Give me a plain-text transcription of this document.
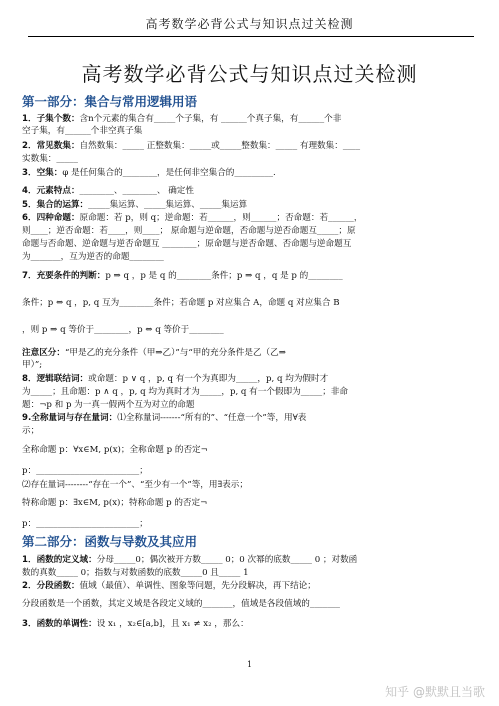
高考数学必背公式与知识点过关检测
高考数学必背公式与知识点过关检测
第一部分：集合与常用逻辑用语
第二部分：函数与导数及其应用
1．子集个数：含n个元素的集合有_____个子集，有 ______个真子集，有______个非
空子集，有______个非空真子集
2．常见数集：自然数集：_____ 正整数集：_____或_____整数集：_____ 有理数集：____
实数集：_____
3．空集：φ 是任何集合的________，是任何非空集合的_________.
4．元素特点：________、________、 确定性
5．集合的运算：_____集运算、_____集运算、_____集运算
6．四种命题：原命题：若 p，则 q；逆命题：若______，则______；否命题：若______，
则____；逆否命题：若____，则____； 原命题与逆命题，否命题与逆否命题互_____；原
命题与否命题、逆命题与逆否命题互 ________；原命题与逆否命题、否命题与逆命题互
为_______，互为逆否的命题________
7．充要条件的判断：p ⇒ q ，p 是 q 的________条件；p ⇒ q ，q 是 p 的________
条件；p ⇔ q ，p, q 互为________条件；若命题 p 对应集合 A，命题 q 对应集合 B
，则 p ⇒ q 等价于________，p ⇔ q 等价于________
注意区分：“甲是乙的充分条件（甲⇒乙）”与“甲的充分条件是乙（乙⇒
甲）”;
8．逻辑联结词：或命题：p ∨ q ，p, q 有一个为真即为_____，p, q 均为假时才
为_____；且命题：p ∧ q ，p, q 均为真时才为_____，p, q 有一个假即为_____；非命
题：¬p 和 p 为一真一假两个互为对立的命题
9.全称量词与存在量词：⑴全称量词-------“所有的”、“任意一个”等，用∀表
示；
全称命题 p：∀x∈M, p(x)；全称命题 p 的否定¬
p：________________________；
⑵存在量词--------“存在一个”、“至少有一个”等，用∃表示；
特称命题 p：∃x∈M, p(x)；特称命题 p 的否定¬
p：________________________；
1．函数的定义域：分母_____0；偶次被开方数_____ 0；0 次幂的底数_____ 0 ；对数函
数的真数_____ 0；指数与对数函数的底数_____0 且_____ 1
2．分段函数：值域（最值）、单调性、图象等问题，先分段解决，再下结论；
分段函数是一个函数，其定义域是各段定义域的_______，值域是各段值域的_______
3．函数的单调性：设 x₁ ，x₂∈[a,b]，且 x₁ ≠ x₂ ，那么：
1
知乎 @默默且当歌
